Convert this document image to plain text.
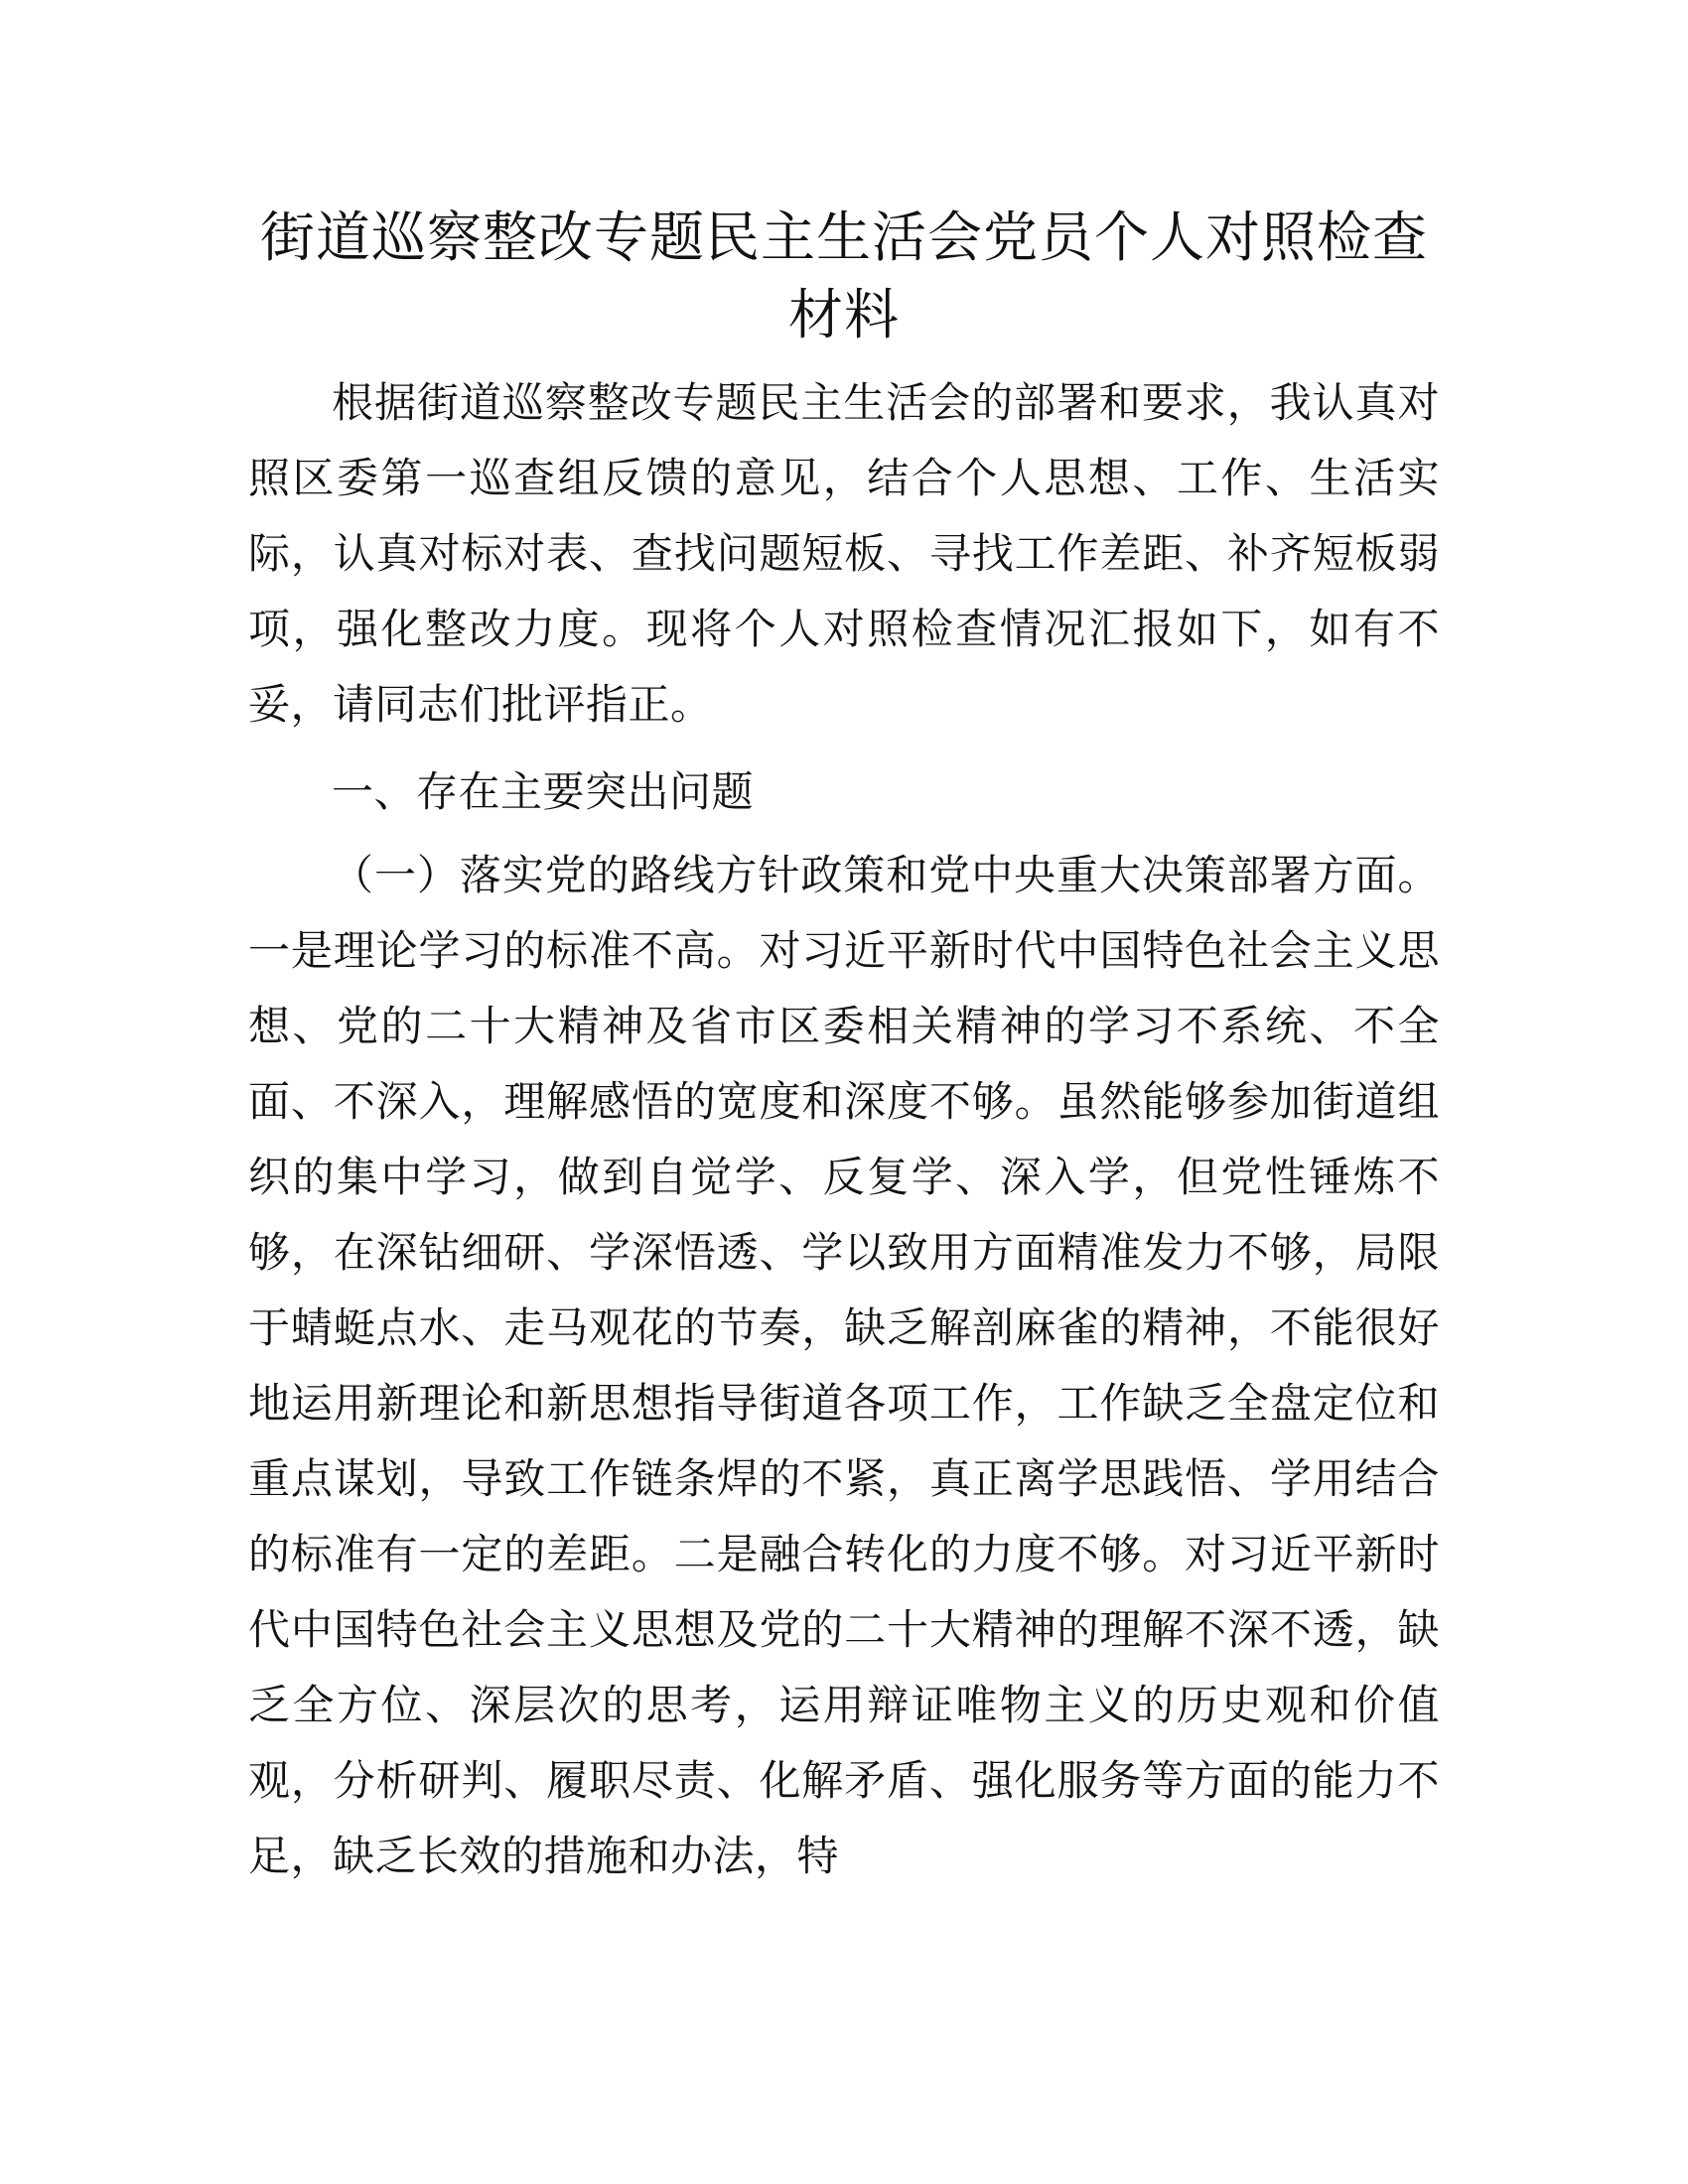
街道巡察整改专题民主生活会党员个人对照检查材料

根据街道巡察整改专题民主生活会的部署和要求，我认真对照区委第一巡查组反馈的意见，结合个人思想、工作、生活实际，认真对标对表、查找问题短板、寻找工作差距、补齐短板弱项，强化整改力度。现将个人对照检查情况汇报如下，如有不妥，请同志们批评指正。

一、存在主要突出问题

（一）落实党的路线方针政策和党中央重大决策部署方面。一是理论学习的标准不高。对习近平新时代中国特色社会主义思想、党的二十大精神及省市区委相关精神的学习不系统、不全面、不深入，理解感悟的宽度和深度不够。虽然能够参加街道组织的集中学习，做到自觉学、反复学、深入学，但党性锤炼不够，在深钻细研、学深悟透、学以致用方面精准发力不够，局限于蜻蜓点水、走马观花的节奏，缺乏解剖麻雀的精神，不能很好地运用新理论和新思想指导街道各项工作，工作缺乏全盘定位和重点谋划，导致工作链条焊的不紧，真正离学思践悟、学用结合的标准有一定的差距。二是融合转化的力度不够。对习近平新时代中国特色社会主义思想及党的二十大精神的理解不深不透，缺乏全方位、深层次的思考，运用辩证唯物主义的历史观和价值观，分析研判、履职尽责、化解矛盾、强化服务等方面的能力不足，缺乏长效的措施和办法，特
